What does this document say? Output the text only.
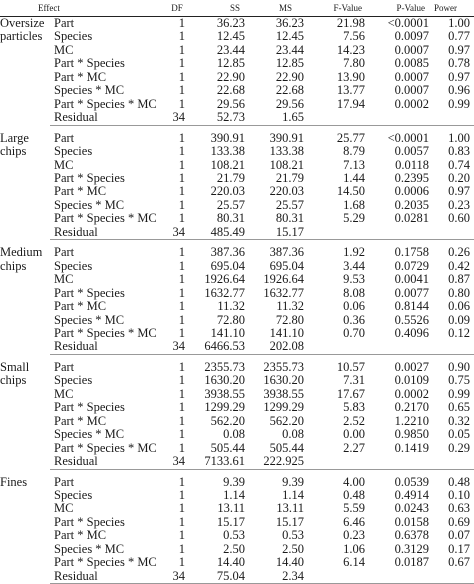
Effect		DF	SS	MS	F-Value	P-Value	Power
Oversize particles	Part	1	36.23	36.23	21.98	<0.0001	1.00
	Species	1	12.45	12.45	7.56	0.0097	0.77
	MC	1	23.44	23.44	14.23	0.0007	0.97
	Part * Species	1	12.85	12.85	7.80	0.0085	0.78
	Part * MC	1	22.90	22.90	13.90	0.0007	0.97
	Species * MC	1	22.68	22.68	13.77	0.0007	0.96
	Part * Species * MC	1	29.56	29.56	17.94	0.0002	0.99
	Residual	34	52.73	1.65			

Large chips	Part	1	390.91	390.91	25.77	<0.0001	1.00
	Species	1	133.38	133.38	8.79	0.0057	0.83
	MC	1	108.21	108.21	7.13	0.0118	0.74
	Part * Species	1	21.79	21.79	1.44	0.2395	0.20
	Part * MC	1	220.03	220.03	14.50	0.0006	0.97
	Species * MC	1	25.57	25.57	1.68	0.2035	0.23
	Part * Species * MC	1	80.31	80.31	5.29	0.0281	0.60
	Residual	34	485.49	15.17			

Medium chips	Part	1	387.36	387.36	1.92	0.1758	0.26
	Species	1	695.04	695.04	3.44	0.0729	0.42
	MC	1	1926.64	1926.64	9.53	0.0041	0.87
	Part * Species	1	1632.77	1632.77	8.08	0.0077	0.80
	Part * MC	1	11.32	11.32	0.06	0.8144	0.06
	Species * MC	1	72.80	72.80	0.36	0.5526	0.09
	Part * Species * MC	1	141.10	141.10	0.70	0.4096	0.12
	Residual	34	6466.53	202.08			

Small chips	Part	1	2355.73	2355.73	10.57	0.0027	0.90
	Species	1	1630.20	1630.20	7.31	0.0109	0.75
	MC	1	3938.55	3938.55	17.67	0.0002	0.99
	Part * Species	1	1299.29	1299.29	5.83	0.2170	0.65
	Part * MC	1	562.20	562.20	2.52	1.2210	0.32
	Species * MC	1	0.08	0.08	0.00	0.9850	0.05
	Part * Species * MC	1	505.44	505.44	2.27	0.1419	0.29
	Residual	34	7133.61	222.925			

Fines	Part	1	9.39	9.39	4.00	0.0539	0.48
	Species	1	1.14	1.14	0.48	0.4914	0.10
	MC	1	13.11	13.11	5.59	0.0243	0.63
	Part * Species	1	15.17	15.17	6.46	0.0158	0.69
	Part * MC	1	0.53	0.53	0.23	0.6378	0.07
	Species * MC	1	2.50	2.50	1.06	0.3129	0.17
	Part * Species * MC	1	14.40	14.40	6.14	0.0187	0.67
	Residual	34	75.04	2.34			
